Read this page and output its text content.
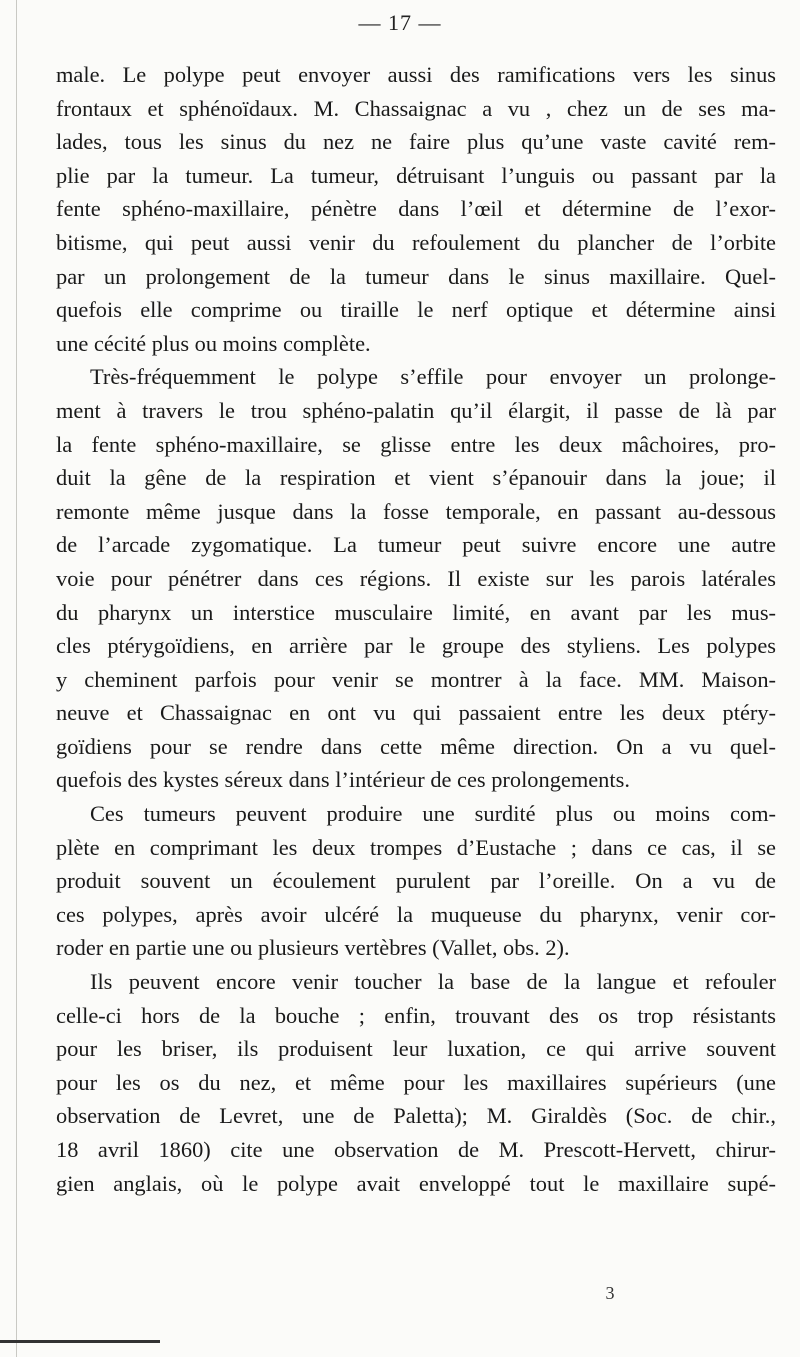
— 17 —
male. Le polype peut envoyer aussi des ramifications vers les sinus
frontaux et sphénoïdaux. M. Chassaignac a vu , chez un de ses ma-
lades, tous les sinus du nez ne faire plus qu’une vaste cavité rem-
plie par la tumeur. La tumeur, détruisant l’unguis ou passant par la
fente sphéno-maxillaire, pénètre dans l’œil et détermine de l’exor-
bitisme, qui peut aussi venir du refoulement du plancher de l’orbite
par un prolongement de la tumeur dans le sinus maxillaire. Quel-
quefois elle comprime ou tiraille le nerf optique et détermine ainsi
une cécité plus ou moins complète.
Très-fréquemment le polype s’effile pour envoyer un prolonge-
ment à travers le trou sphéno-palatin qu’il élargit, il passe de là par
la fente sphéno-maxillaire, se glisse entre les deux mâchoires, pro-
duit la gêne de la respiration et vient s’épanouir dans la joue; il
remonte même jusque dans la fosse temporale, en passant au-dessous
de l’arcade zygomatique. La tumeur peut suivre encore une autre
voie pour pénétrer dans ces régions. Il existe sur les parois latérales
du pharynx un interstice musculaire limité, en avant par les mus-
cles ptérygoïdiens, en arrière par le groupe des styliens. Les polypes
y cheminent parfois pour venir se montrer à la face. MM. Maison-
neuve et Chassaignac en ont vu qui passaient entre les deux ptéry-
goïdiens pour se rendre dans cette même direction. On a vu quel-
quefois des kystes séreux dans l’intérieur de ces prolongements.
Ces tumeurs peuvent produire une surdité plus ou moins com-
plète en comprimant les deux trompes d’Eustache ; dans ce cas, il se
produit souvent un écoulement purulent par l’oreille. On a vu de
ces polypes, après avoir ulcéré la muqueuse du pharynx, venir cor-
roder en partie une ou plusieurs vertèbres (Vallet, obs. 2).
Ils peuvent encore venir toucher la base de la langue et refouler
celle-ci hors de la bouche ; enfin, trouvant des os trop résistants
pour les briser, ils produisent leur luxation, ce qui arrive souvent
pour les os du nez, et même pour les maxillaires supérieurs (une
observation de Levret, une de Paletta); M. Giraldès (Soc. de chir.,
18 avril 1860) cite une observation de M. Prescott-Hervett, chirur-
gien anglais, où le polype avait enveloppé tout le maxillaire supé-
3
